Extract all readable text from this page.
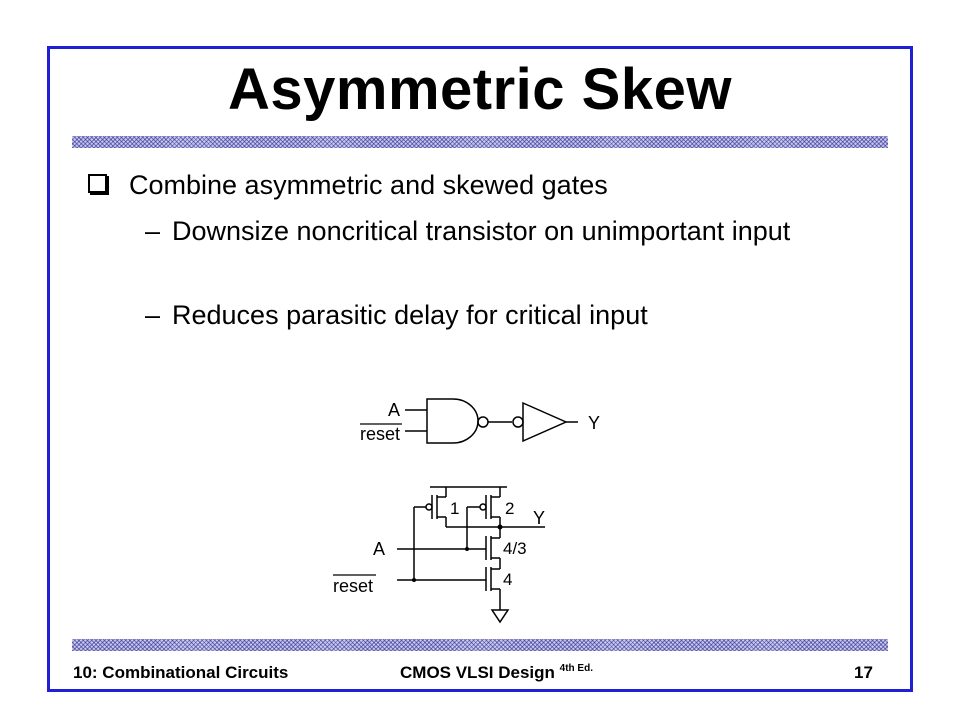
Asymmetric Skew
Combine asymmetric and skewed gates
– Downsize noncritical transistor on unimportant input
– Reduces parasitic delay for critical input
A
reset
Y
1	2 Y
A	4/3
reset	4
10: Combinational Circuits	CMOS VLSI Design $^{4th Ed.}$	17
